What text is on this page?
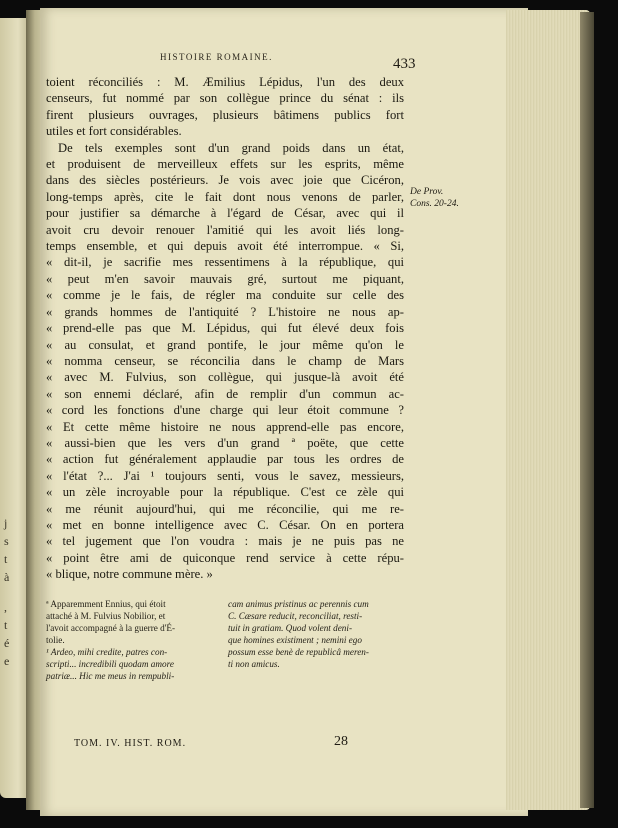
j
s
t
à
,
t
é
e
HISTOIRE ROMAINE.	433
toient réconciliés : M. Æmilius Lépidus, l'un des deux
censeurs, fut nommé par son collègue prince du sénat : ils
firent plusieurs ouvrages, plusieurs bâtimens publics fort
utiles et fort considérables.
De tels exemples sont d'un grand poids dans un état,
et produisent de merveilleux effets sur les esprits, même
dans des siècles postérieurs. Je vois avec joie que Cicéron,
long-temps après, cite le fait dont nous venons de parler,
pour justifier sa démarche à l'égard de César, avec qui il
avoit cru devoir renouer l'amitié qui les avoit liés long-
temps ensemble, et qui depuis avoit été interrompue. « Si,
« dit-il, je sacrifie mes ressentimens à la république, qui
« peut m'en savoir mauvais gré, surtout me piquant,
« comme je le fais, de régler ma conduite sur celle des
« grands hommes de l'antiquité ? L'histoire ne nous ap-
« prend-elle pas que M. Lépidus, qui fut élevé deux fois
« au consulat, et grand pontife, le jour même qu'on le
« nomma censeur, se réconcilia dans le champ de Mars
« avec M. Fulvius, son collègue, qui jusque-là avoit été
« son ennemi déclaré, afin de remplir d'un commun ac-
« cord les fonctions d'une charge qui leur étoit commune ?
« Et cette même histoire ne nous apprend-elle pas encore,
« aussi-bien que les vers d'un grand ª poëte, que cette
« action fut généralement applaudie par tous les ordres de
« l'état ?... J'ai ¹ toujours senti, vous le savez, messieurs,
« un zèle incroyable pour la république. C'est ce zèle qui
« me réunit aujourd'hui, qui me réconcilie, qui me re-
« met en bonne intelligence avec C. César. On en portera
« tel jugement que l'on voudra : mais je ne puis pas ne
« point être ami de quiconque rend service à cette répu-
« blique, notre commune mère. »
De Prov.
Cons. 20-24.
ª Apparemment Ennius, qui étoit
attaché à M. Fulvius Nobilior, et
l'avoit accompagné à la guerre d'É-
tolie.
¹ Ardeo, mihi credite, patres con-
scripti... incredibili quodam amore
patriæ... Hic me meus in rempubli-
cam animus pristinus ac perennis cum
C. Cæsare reducit, reconciliat, resti-
tuit in gratiam. Quod volent deni-
que homines existiment ; nemini ego
possum esse benè de republicâ meren-
ti non amicus.
TOM. IV. HIST. ROM.	28
